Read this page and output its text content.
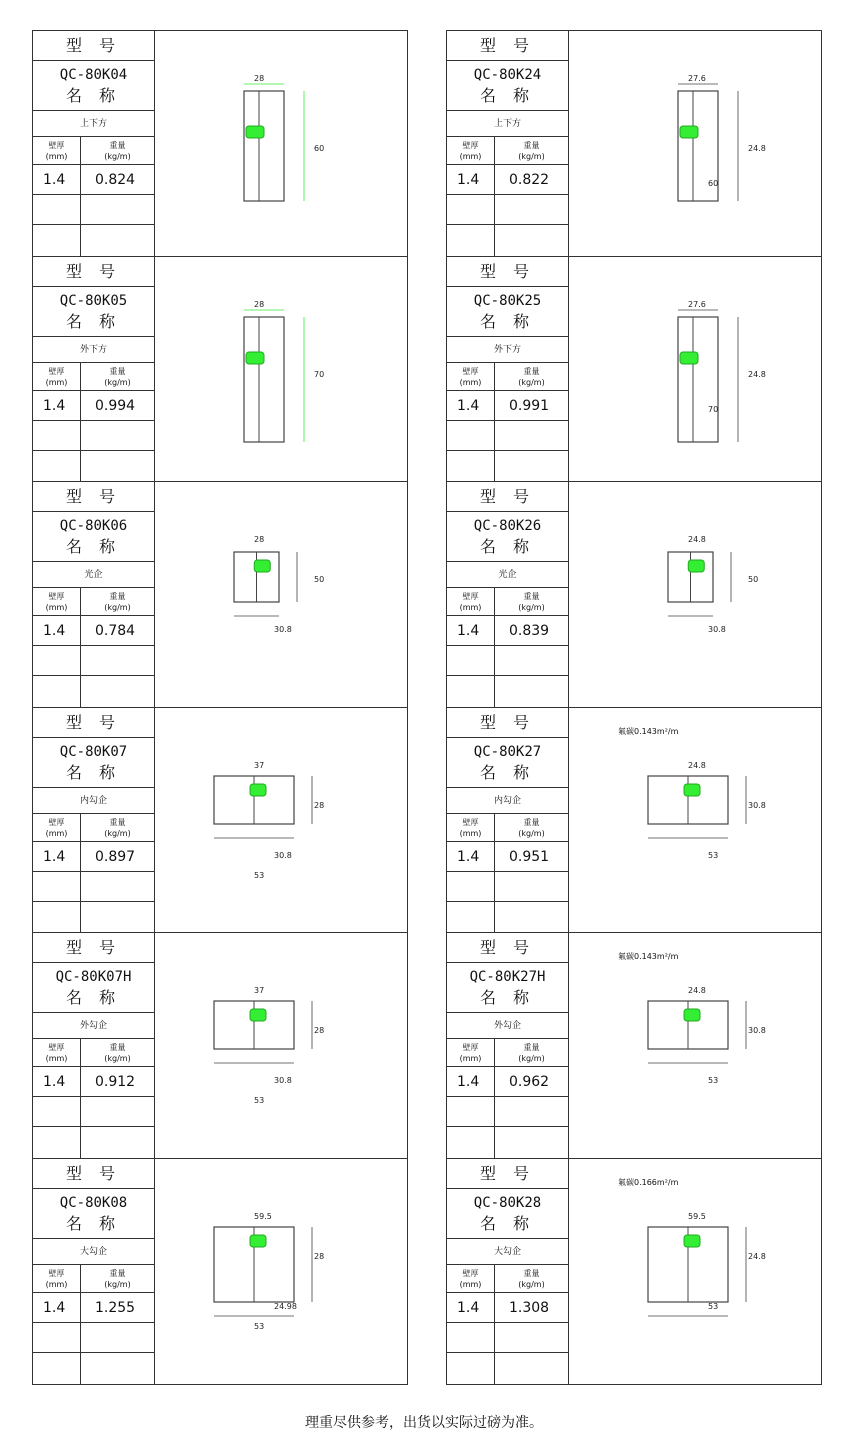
型 号
QC-80K04
名 称
上下方
壁厚
(mm)
重量
(kg/m)
1.4 0.824
28
60
型 号
QC-80K05
名 称
外下方
壁厚
(mm)
重量
(kg/m)
1.4 0.994
28
70
型 号
QC-80K06
名 称
光企
壁厚
(mm)
重量
(kg/m)
1.4 0.784
28
50
30.8
型 号
QC-80K07
名 称
内勾企
壁厚
(mm)
重量
(kg/m)
1.4 0.897
37
28
30.8
53
型 号
QC-80K07H
名 称
外勾企
壁厚
(mm)
重量
(kg/m)
1.4 0.912
37
28
30.8
53
型 号
QC-80K08
名 称
大勾企
壁厚
(mm)
重量
(kg/m)
1.4 1.255
59.5
28
24.98
53
型 号
QC-80K24
名 称
上下方
壁厚
(mm)
重量
(kg/m)
1.4 0.822
27.6
24.8
60
型 号
QC-80K25
名 称
外下方
壁厚
(mm)
重量
(kg/m)
1.4 0.991
27.6
24.8
70
型 号
QC-80K26
名 称
光企
壁厚
(mm)
重量
(kg/m)
1.4 0.839
24.8
50
30.8
型 号
QC-80K27
名 称
内勾企
壁厚
(mm)
重量
(kg/m)
1.4 0.951
氟碳0.143m²/m
24.8
30.8
53
型 号
QC-80K27H
名 称
外勾企
壁厚
(mm)
重量
(kg/m)
1.4 0.962
氟碳0.143m²/m
24.8
30.8
53
型 号
QC-80K28
名 称
大勾企
壁厚
(mm)
重量
(kg/m)
1.4 1.308
氟碳0.166m²/m
59.5
24.8
53
理重尽供参考，出货以实际过磅为准。
